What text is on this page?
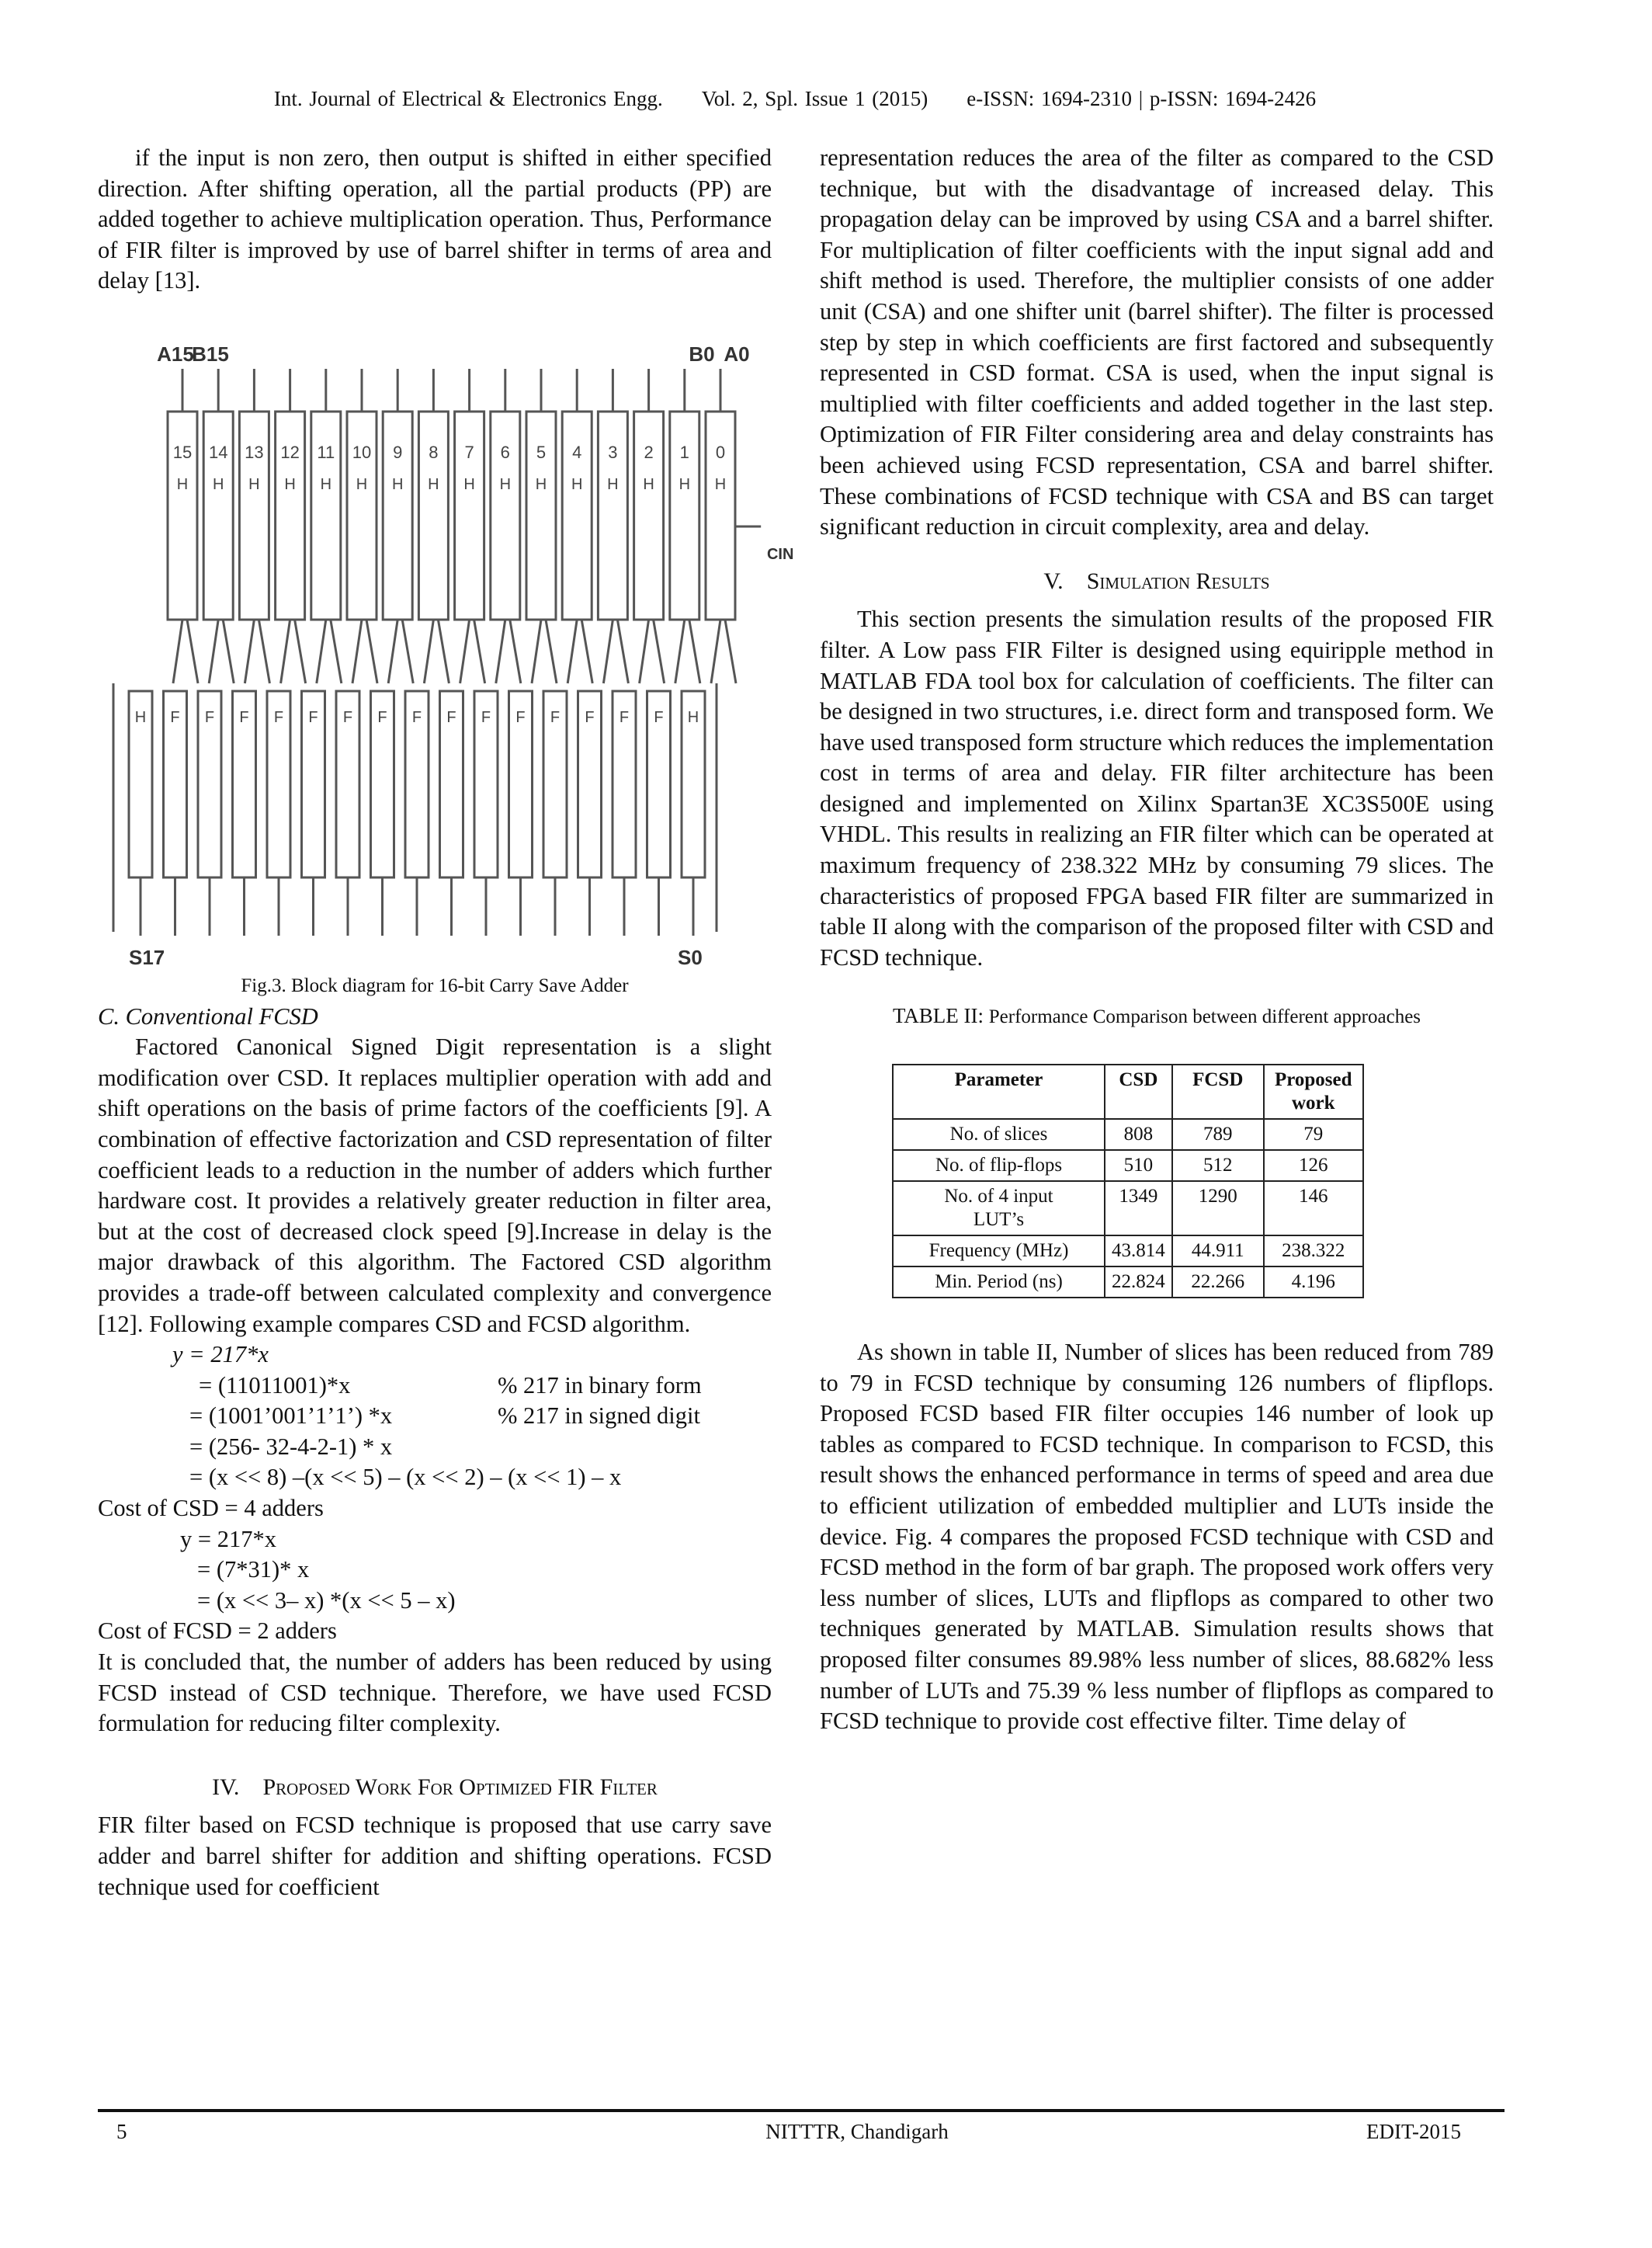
Int. Journal of Electrical & Electronics Engg. Vol. 2, Spl. Issue 1 (2015) e-ISSN: 1694-2310 | p-ISSN: 1694-2426

if the input is non zero, then output is shifted in either specified direction. After shifting operation, all the partial products (PP) are added together to achieve multiplication operation. Thus, Performance of FIR filter is improved by use of barrel shifter in terms of area and delay [13].

A15
B15	B0 A0
CIN
S17	S0
15
H
14
H
13
H
12
H
11
H
10
H
9
H
8
H
7
H
6
H
5
H
4
H
3
H
2
H
1
H
0
H
H F F F F F F F F F F F F F F F H
Fig.3. Block diagram for 16-bit Carry Save Adder

C. Conventional FCSD

Factored Canonical Signed Digit representation is a slight modification over CSD. It replaces multiplier operation with add and shift operations on the basis of prime factors of the coefficients [9]. A combination of effective factorization and CSD representation of filter coefficient leads to a reduction in the number of adders which further hardware cost. It provides a relatively greater reduction in filter area, but at the cost of decreased clock speed [9].Increase in delay is the major drawback of this algorithm. The Factored CSD algorithm provides a trade-off between calculated complexity and convergence [12]. Following example compares CSD and FCSD algorithm.

y = 217*x
= (11011001)*x	% 217 in binary form
= (1001’001’1’1’) *x	% 217 in signed digit
= (256- 32-4-2-1) * x
= (x << 8) –(x << 5) – (x << 2) – (x << 1) – x
Cost of CSD = 4 adders
y = 217*x
= (7*31)* x
= (x << 3– x) *(x << 5 – x)
Cost of FCSD = 2 adders

It is concluded that, the number of adders has been reduced by using FCSD instead of CSD technique. Therefore, we have used FCSD formulation for reducing filter complexity.

IV. Proposed Work For Optimized FIR Filter

FIR filter based on FCSD technique is proposed that use carry save adder and barrel shifter for addition and shifting operations. FCSD technique used for coefficient

representation reduces the area of the filter as compared to the CSD technique, but with the disadvantage of increased delay. This propagation delay can be improved by using CSA and a barrel shifter. For multiplication of filter coefficients with the input signal add and shift method is used. Therefore, the multiplier consists of one adder unit (CSA) and one shifter unit (barrel shifter). The filter is processed step by step in which coefficients are first factored and subsequently represented in CSD format. CSA is used, when the input signal is multiplied with filter coefficients and added together in the last step. Optimization of FIR Filter considering area and delay constraints has been achieved using FCSD representation, CSA and barrel shifter. These combinations of FCSD technique with CSA and BS can target significant reduction in circuit complexity, area and delay.

V. Simulation Results

This section presents the simulation results of the proposed FIR filter. A Low pass FIR Filter is designed using equiripple method in MATLAB FDA tool box for calculation of coefficients. The filter can be designed in two structures, i.e. direct form and transposed form. We have used transposed form structure which reduces the implementation cost in terms of area and delay. FIR filter architecture has been designed and implemented on Xilinx Spartan3E XC3S500E using VHDL. This results in realizing an FIR filter which can be operated at maximum frequency of 238.322 MHz by consuming 79 slices. The characteristics of proposed FPGA based FIR filter are summarized in table II along with the comparison of the proposed filter with CSD and FCSD technique.

TABLE II: Performance Comparison between different approaches
Parameter	CSD	FCSD	Proposed work
No. of slices	808	789	79
No. of flip-flops	510	512	126
No. of 4 input LUT’s	1349	1290	146
Frequency (MHz)	43.814	44.911	238.322
Min. Period (ns)	22.824	22.266	4.196

As shown in table II, Number of slices has been reduced from 789 to 79 in FCSD technique by consuming 126 numbers of flipflops. Proposed FCSD based FIR filter occupies 146 number of look up tables as compared to FCSD technique. In comparison to FCSD, this result shows the enhanced performance in terms of speed and area due to efficient utilization of embedded multiplier and LUTs inside the device. Fig. 4 compares the proposed FCSD technique with CSD and FCSD method in the form of bar graph. The proposed work offers very less number of slices, LUTs and flipflops as compared to other two techniques generated by MATLAB. Simulation results shows that proposed filter consumes 89.98% less number of slices, 88.682% less number of LUTs and 75.39 % less number of flipflops as compared to FCSD technique to provide cost effective filter. Time delay of

5	NITTTR, Chandigarh	EDIT-2015
